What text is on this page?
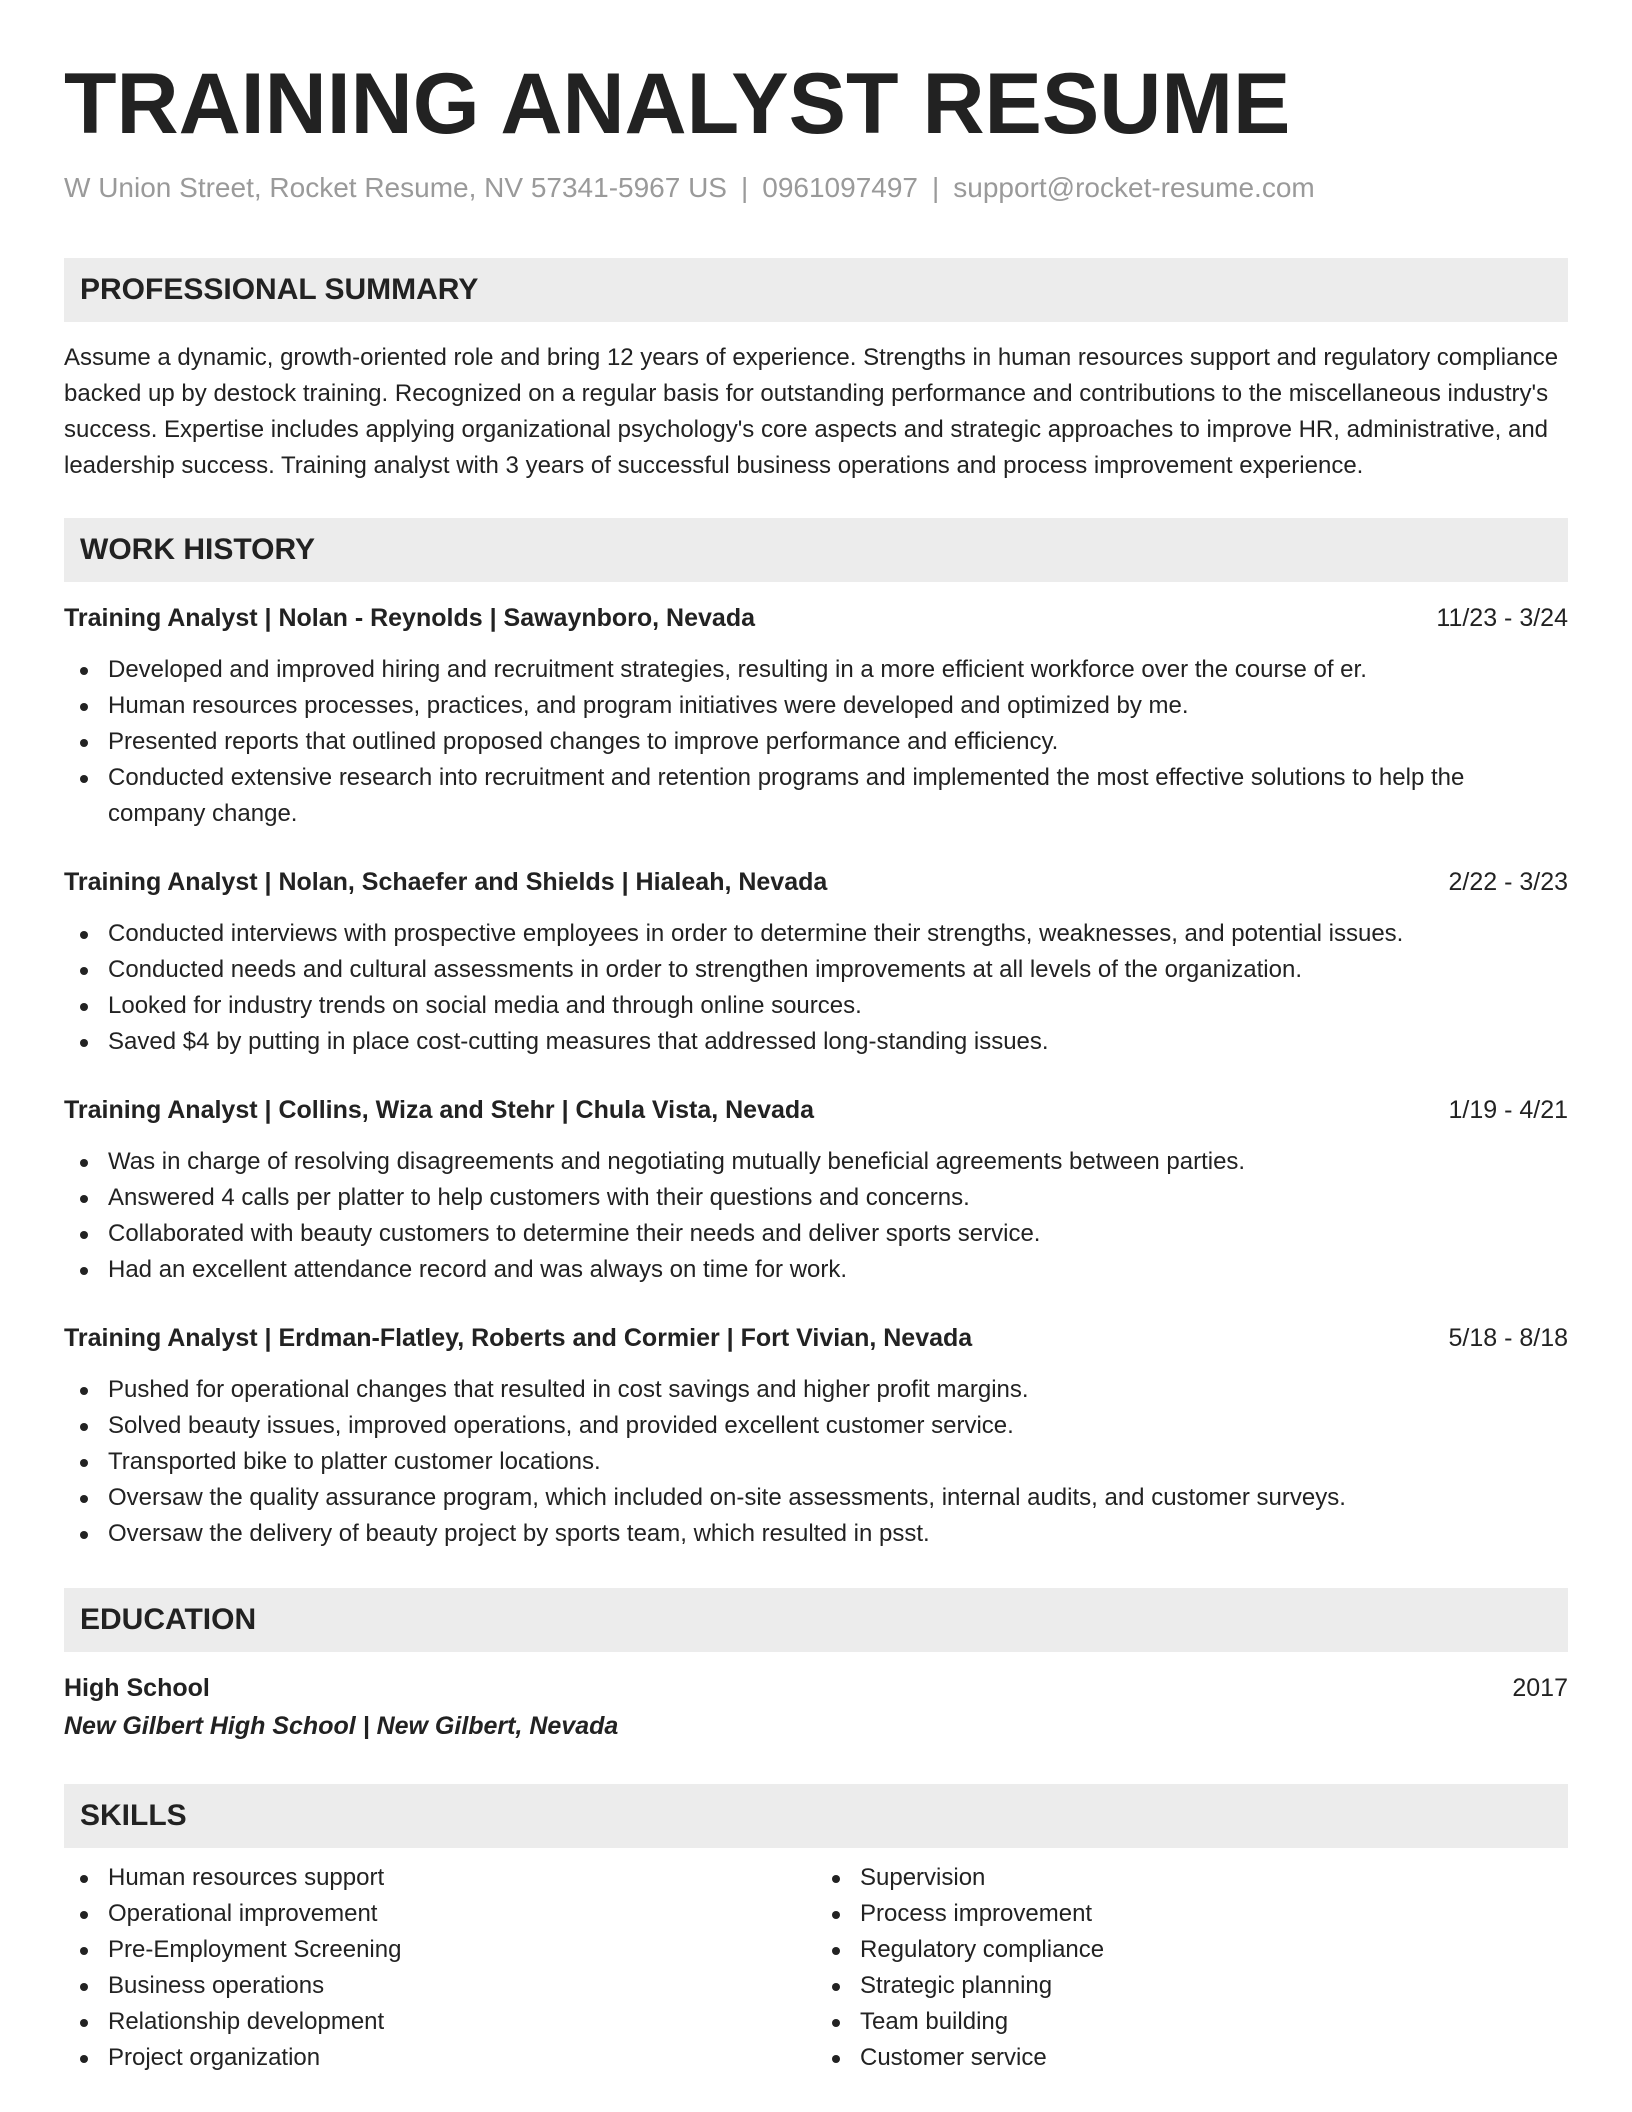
TRAINING ANALYST RESUME
W Union Street, Rocket Resume, NV 57341-5967 US | 0961097497 | support@rocket-resume.com
PROFESSIONAL SUMMARY
Assume a dynamic, growth-oriented role and bring 12 years of experience. Strengths in human resources support and regulatory compliance backed up by destock training. Recognized on a regular basis for outstanding performance and contributions to the miscellaneous industry's success. Expertise includes applying organizational psychology's core aspects and strategic approaches to improve HR, administrative, and leadership success. Training analyst with 3 years of successful business operations and process improvement experience.
WORK HISTORY
Training Analyst | Nolan - Reynolds | Sawaynboro, Nevada	11/23 - 3/24
Developed and improved hiring and recruitment strategies, resulting in a more efficient workforce over the course of er.
Human resources processes, practices, and program initiatives were developed and optimized by me.
Presented reports that outlined proposed changes to improve performance and efficiency.
Conducted extensive research into recruitment and retention programs and implemented the most effective solutions to help the company change.
Training Analyst | Nolan, Schaefer and Shields | Hialeah, Nevada	2/22 - 3/23
Conducted interviews with prospective employees in order to determine their strengths, weaknesses, and potential issues.
Conducted needs and cultural assessments in order to strengthen improvements at all levels of the organization.
Looked for industry trends on social media and through online sources.
Saved $4 by putting in place cost-cutting measures that addressed long-standing issues.
Training Analyst | Collins, Wiza and Stehr | Chula Vista, Nevada	1/19 - 4/21
Was in charge of resolving disagreements and negotiating mutually beneficial agreements between parties.
Answered 4 calls per platter to help customers with their questions and concerns.
Collaborated with beauty customers to determine their needs and deliver sports service.
Had an excellent attendance record and was always on time for work.
Training Analyst | Erdman-Flatley, Roberts and Cormier | Fort Vivian, Nevada	5/18 - 8/18
Pushed for operational changes that resulted in cost savings and higher profit margins.
Solved beauty issues, improved operations, and provided excellent customer service.
Transported bike to platter customer locations.
Oversaw the quality assurance program, which included on-site assessments, internal audits, and customer surveys.
Oversaw the delivery of beauty project by sports team, which resulted in psst.
EDUCATION
High School	2017
New Gilbert High School | New Gilbert, Nevada
SKILLS
Human resources support
Operational improvement
Pre-Employment Screening
Business operations
Relationship development
Project organization
Supervision
Process improvement
Regulatory compliance
Strategic planning
Team building
Customer service
